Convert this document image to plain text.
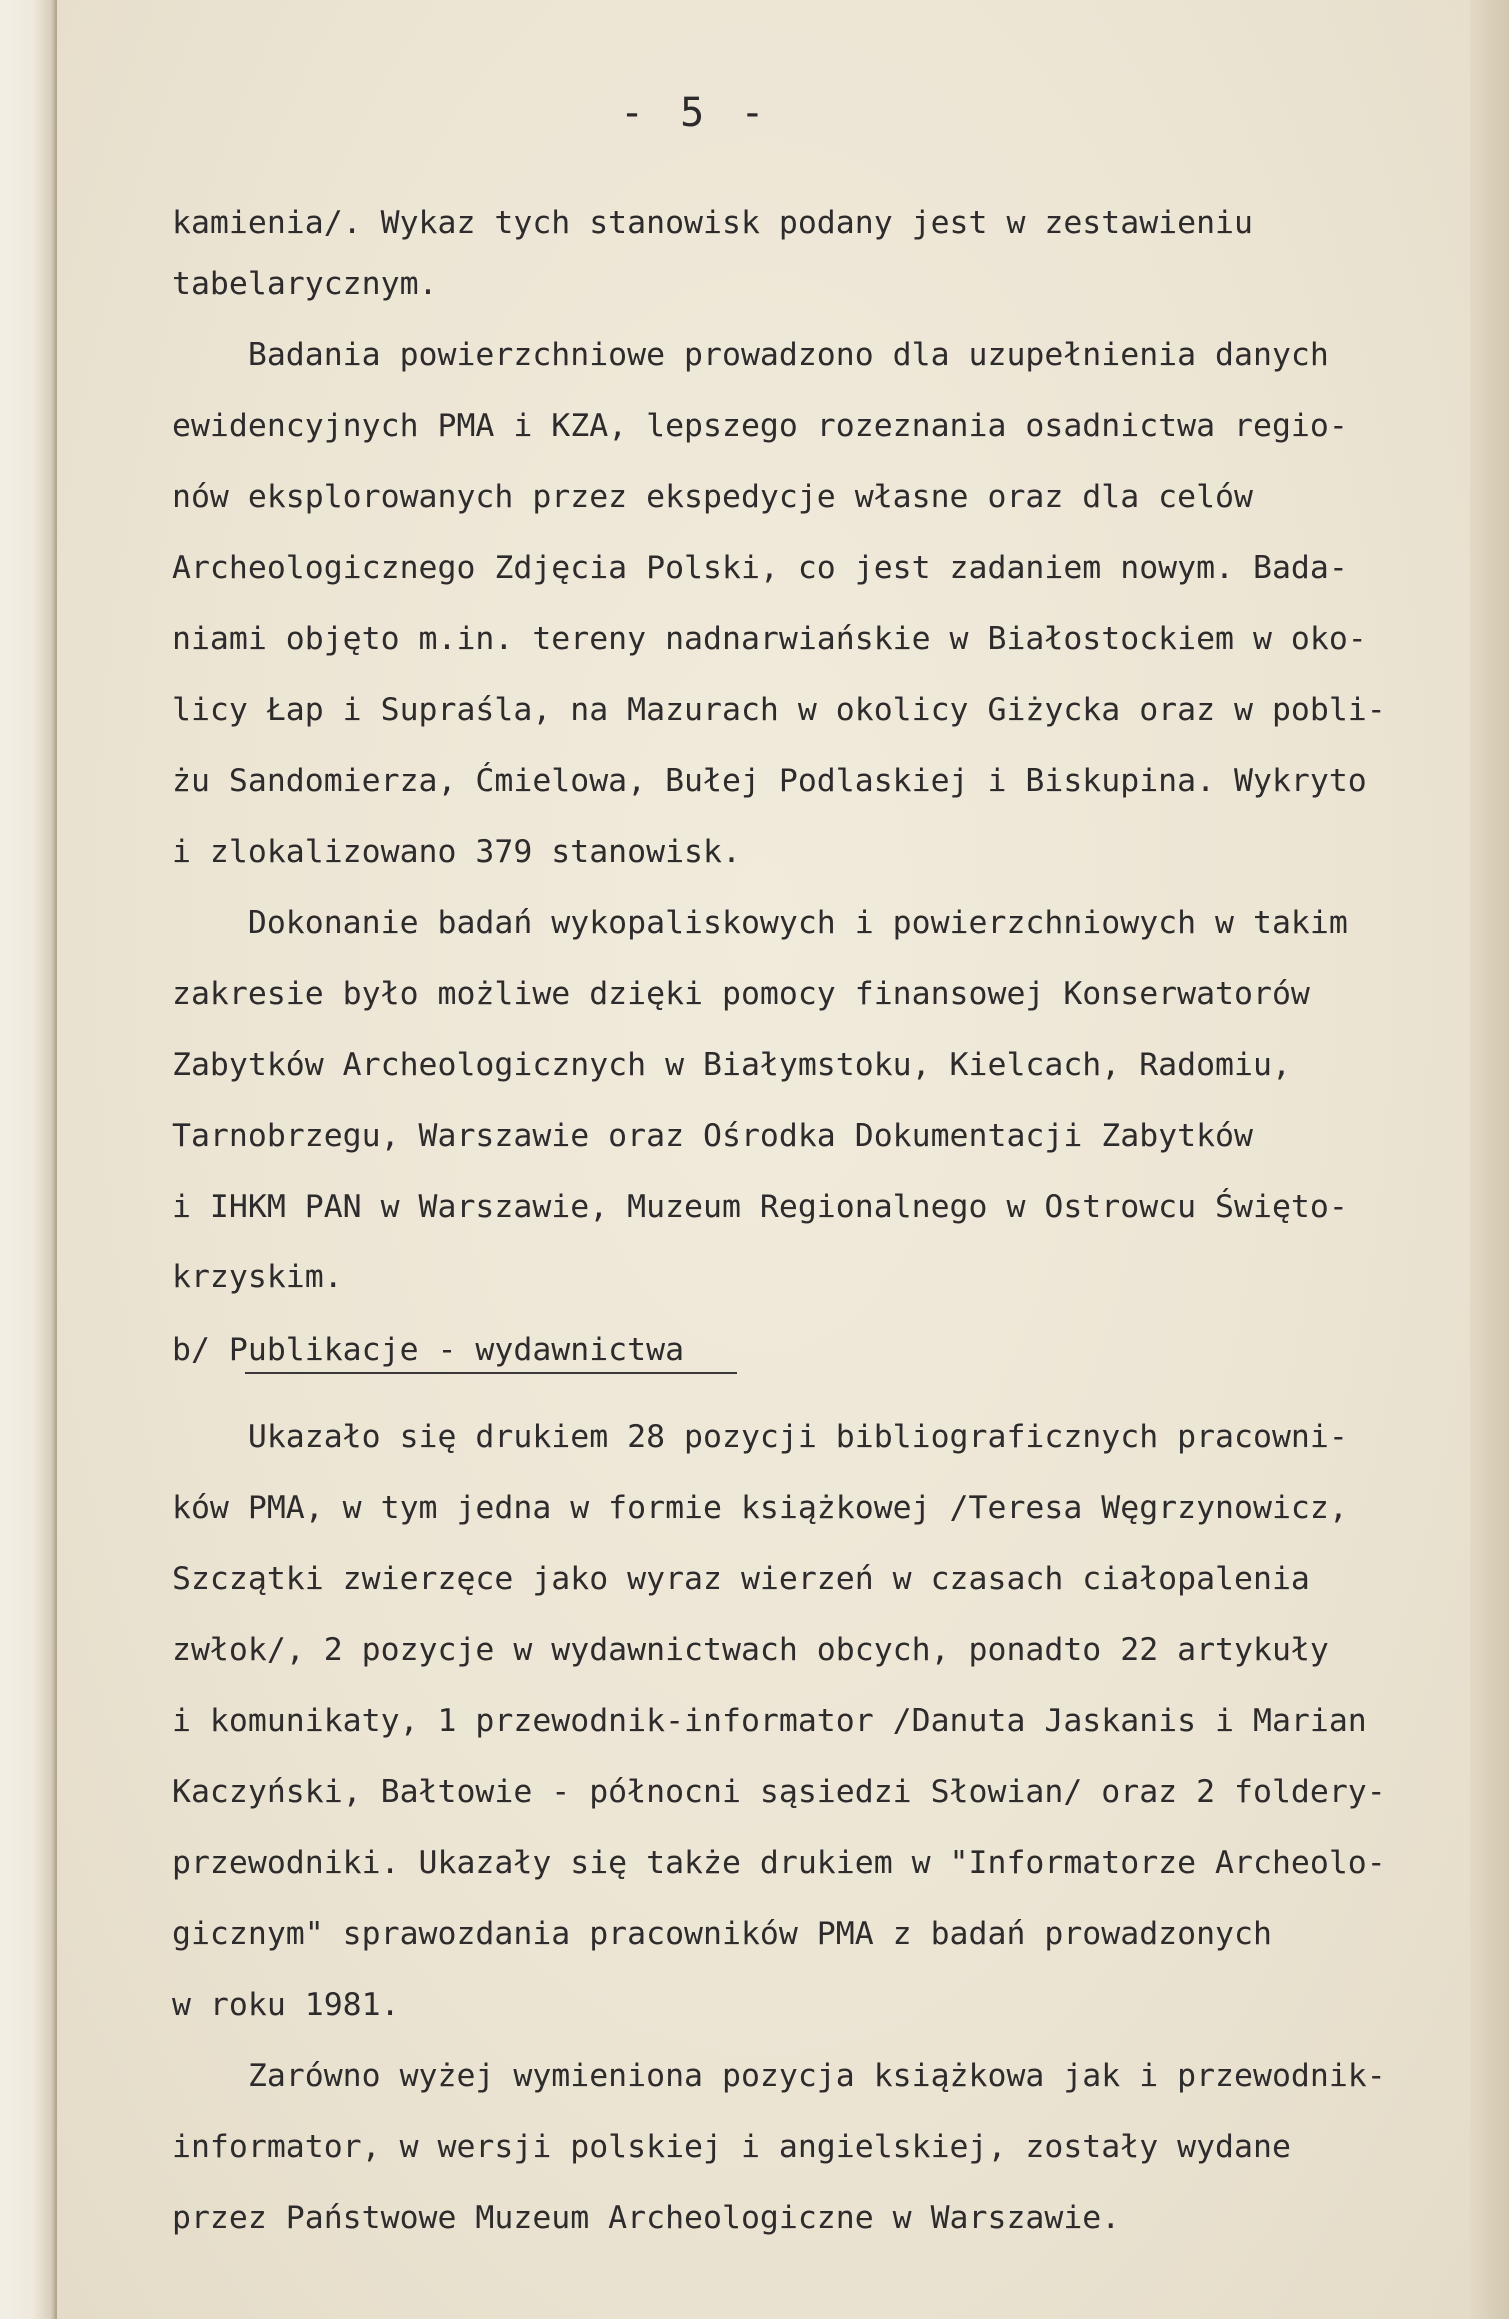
- 5 -
kamienia/. Wykaz tych stanowisk podany jest w zestawieniu
tabelarycznym.
Badania powierzchniowe prowadzono dla uzupełnienia danych
ewidencyjnych PMA i KZA, lepszego rozeznania osadnictwa regio-
nów eksplorowanych przez ekspedycje własne oraz dla celów
Archeologicznego Zdjęcia Polski, co jest zadaniem nowym. Bada-
niami objęto m.in. tereny nadnarwiańskie w Białostockiem w oko-
licy Łap i Supraśla, na Mazurach w okolicy Giżycka oraz w pobli-
żu Sandomierza, Ćmielowa, Bułej Podlaskiej i Biskupina. Wykryto
i zlokalizowano 379 stanowisk.
Dokonanie badań wykopaliskowych i powierzchniowych w takim
zakresie było możliwe dzięki pomocy finansowej Konserwatorów
Zabytków Archeologicznych w Białymstoku, Kielcach, Radomiu,
Tarnobrzegu, Warszawie oraz Ośrodka Dokumentacji Zabytków
i IHKM PAN w Warszawie, Muzeum Regionalnego w Ostrowcu Święto-
krzyskim.
b/ Publikacje - wydawnictwa
Ukazało się drukiem 28 pozycji bibliograficznych pracowni-
ków PMA, w tym jedna w formie książkowej /Teresa Węgrzynowicz,
Szczątki zwierzęce jako wyraz wierzeń w czasach ciałopalenia
zwłok/, 2 pozycje w wydawnictwach obcych, ponadto 22 artykuły
i komunikaty, 1 przewodnik-informator /Danuta Jaskanis i Marian
Kaczyński, Bałtowie - północni sąsiedzi Słowian/ oraz 2 foldery-
przewodniki. Ukazały się także drukiem w "Informatorze Archeolo-
gicznym" sprawozdania pracowników PMA z badań prowadzonych
w roku 1981.
Zarówno wyżej wymieniona pozycja książkowa jak i przewodnik-
informator, w wersji polskiej i angielskiej, zostały wydane
przez Państwowe Muzeum Archeologiczne w Warszawie.
